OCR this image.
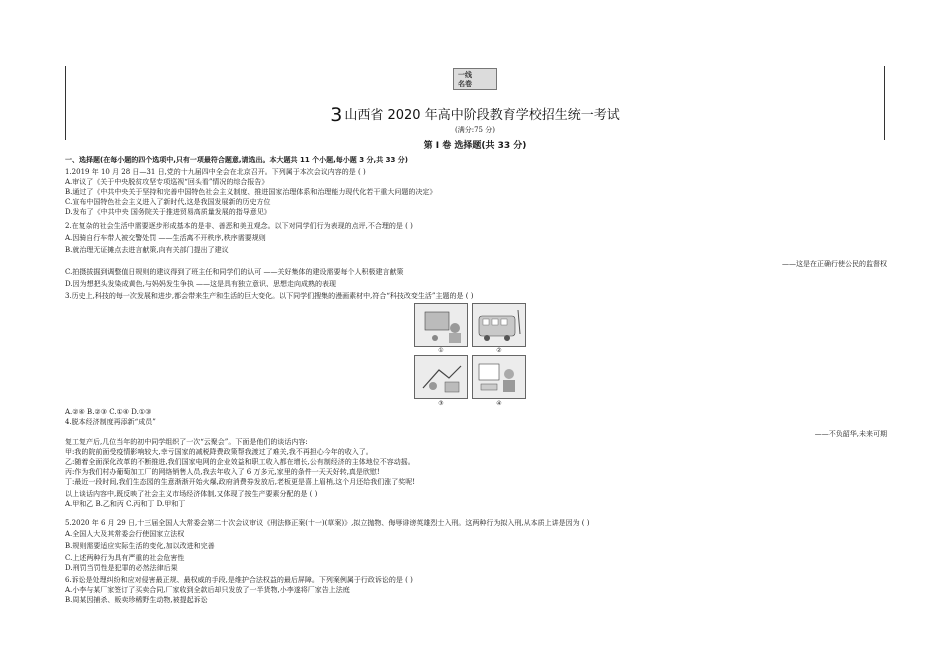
一线
名卷
3 山西省 2020 年高中阶段教育学校招生统一考试
(满分:75 分)
第 Ⅰ 卷 选择题(共 33 分)
一、选择题(在每小题的四个选项中,只有一项最符合题意,请选出。本大题共 11 个小题,每小题 3 分,共 33 分)
1.2019 年 10 月 28 日—31 日,党的十九届四中全会在北京召开。下列属于本次会议内容的是 ( )
A.审议了《关于中央脱贫攻坚专项巡视“回头看”情况的综合报告》
B.通过了《中共中央关于坚持和完善中国特色社会主义制度、推进国家治理体系和治理能力现代化若干重大问题的决定》
C.宣布中国特色社会主义进入了新时代,这是我国发展新的历史方位
D.发布了《中共中央 国务院关于推进贸易高质量发展的指导意见》
2.在复杂的社会生活中需要逐步形成基本的是非、善恶和美丑观念。以下对同学们行为表现的点评,不合理的是 ( )
A.因骑自行车带人被交警处罚 ——生活离不开秩序,秩序需要规则
B.就治理无证摊点去进言献策,向有关部门提出了建议
C.拍摄拔掘到调整值日规则的建议得到了班主任和同学们的认可 ——关好集体的建设需要每个人积极建言献策
D.因为想把头发染成黄色,与妈妈发生争执 ——这是具有独立意识、思想走向成熟的表现
3.历史上,科技的每一次发展和进步,都会带来生产和生活的巨大变化。以下同学们搜集的漫画素材中,符合“科技改变生活”主题的是 ( )
A.②④ B.②③ C.①④ D.①③
4.脱本经济制度再添新“成员”
复工复产后,几位当年的初中同学组织了一次“云聚会”。下面是他们的谈话内容:
甲:我的院前面受疫情影响较大,幸亏国家的减税降费政策帮我渡过了难关,我不再担心今年的收入了。
乙:随着全面深化改革的不断推进,我们国家电网的企业效益和职工收入都在增长,公有制经济的主体地位不容动摇。
丙:作为我们村办葡萄加工厂的网络销售人员,我去年收入了 6 万多元,家里的条件一天天好转,真是欣慰!
丁:最近一段时间,我们生态园的生意渐渐开始火爆,政府消费券发放后,老板更是喜上眉梢,这个月还给我们涨了奖呢!
以上谈话内容中,既反映了社会主义市场经济体制,又体现了按生产要素分配的是 ( )
A.甲和乙 B.乙和丙 C.丙和丁 D.甲和丁
5.2020 年 6 月 29 日,十三届全国人大常委会第二十次会议审议《刑法修正案(十一)(草案)》,拟立抛物、侮辱诽谤英雄烈士入刑。这两种行为拟入刑,从本质上讲是因为 ( )
A.全国人大及其常委会行使国家立法权
B.规则需要适应实际生活的变化,加以改进和完善
C.上述两种行为具有严重的社会危害性
D.刑罚当罚性是犯罪的必然法律后果
6.诉讼是处理纠纷和应对侵害最正规、最权威的手段,是维护合法权益的最后屏障。下列案例属于行政诉讼的是 ( )
A.小李与某厂家签订了买卖合同,厂家收到全款后却只发放了一半货物,小李遂将厂家告上法庭
B.周某因捕杀、贩卖珍稀野生动物,被提起诉讼
——这是在正确行使公民的监督权
——不负韶华,未来可期
①	②
③	④
